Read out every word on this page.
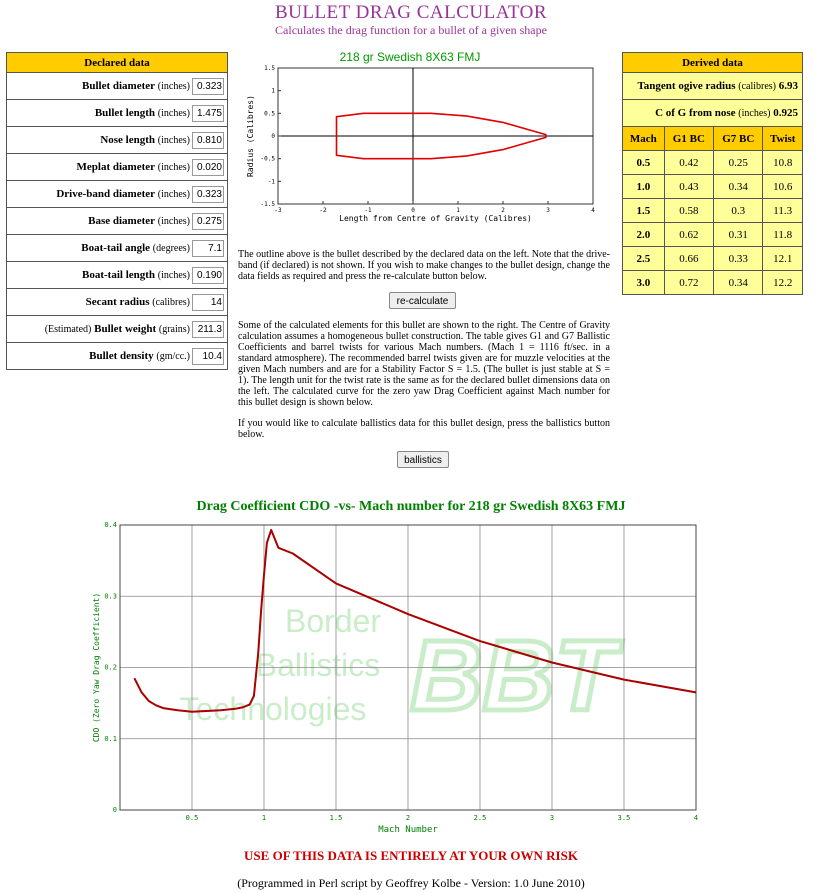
BULLET DRAG CALCULATOR
Calculates the drag function for a bullet of a given shape
Declared data
Bullet diameter (inches) 0.323
Bullet length (inches) 1.475
Nose length (inches) 0.810
Meplat diameter (inches) 0.020
Drive-band diameter (inches) 0.323
Base diameter (inches) 0.275
Boat-tail angle (degrees) 7.1
Boat-tail length (inches) 0.190
Secant radius (calibres) 14
(Estimated) Bullet weight (grains) 211.3
Bullet density (gm/cc.) 10.4
218 gr Swedish 8X63 FMJ
-3	-2	-1	0	1	2	3	4
1.5
1
0.5
0
-0.5
-1
-1.5
Length from Centre of Gravity (Calibres)
Radius (Calibres)
The outline above is the bullet described by the declared data on the left. Note that the drive-band (if declared) is not shown. If you wish to make changes to the bullet design, change the data fields as required and press the re-calculate button below.
re-calculate
Some of the calculated elements for this bullet are shown to the right. The Centre of Gravity calculation assumes a homogeneous bullet construction. The table gives G1 and G7 Ballistic Coefficients and barrel twists for various Mach numbers. (Mach 1 = 1116 ft/sec. in a standard atmosphere). The recommended barrel twists given are for muzzle velocities at the given Mach numbers and are for a Stability Factor S = 1.5. (The bullet is just stable at S = 1). The length unit for the twist rate is the same as for the declared bullet dimensions data on the left. The calculated curve for the zero yaw Drag Coefficient against Mach number for this bullet design is shown below.
If you would like to calculate ballistics data for this bullet design, press the ballistics button below.
ballistics
Derived data			
Tangent ogive radius (calibres) 6.93			
C of G from nose (inches) 0.925			
Mach	G1 BC	G7 BC	Twist
0.5	0.42	0.25	10.8
1.0	0.43	0.34	10.6
1.5	0.58	0.3	11.3
2.0	0.62	0.31	11.8
2.5	0.66	0.33	12.1
3.0	0.72	0.34	12.2
Drag Coefficient CDO -vs- Mach number for 218 gr Swedish 8X63 FMJ
Border
Ballistics
Technologies BBT
0.5	1	1.5	2	2.5	3	3.5	4
0
0.1
0.2
0.3
0.4
Mach Number
CDO (Zero Yaw Drag Coefficient)
USE OF THIS DATA IS ENTIRELY AT YOUR OWN RISK
(Programmed in Perl script by Geoffrey Kolbe - Version: 1.0 June 2010)
